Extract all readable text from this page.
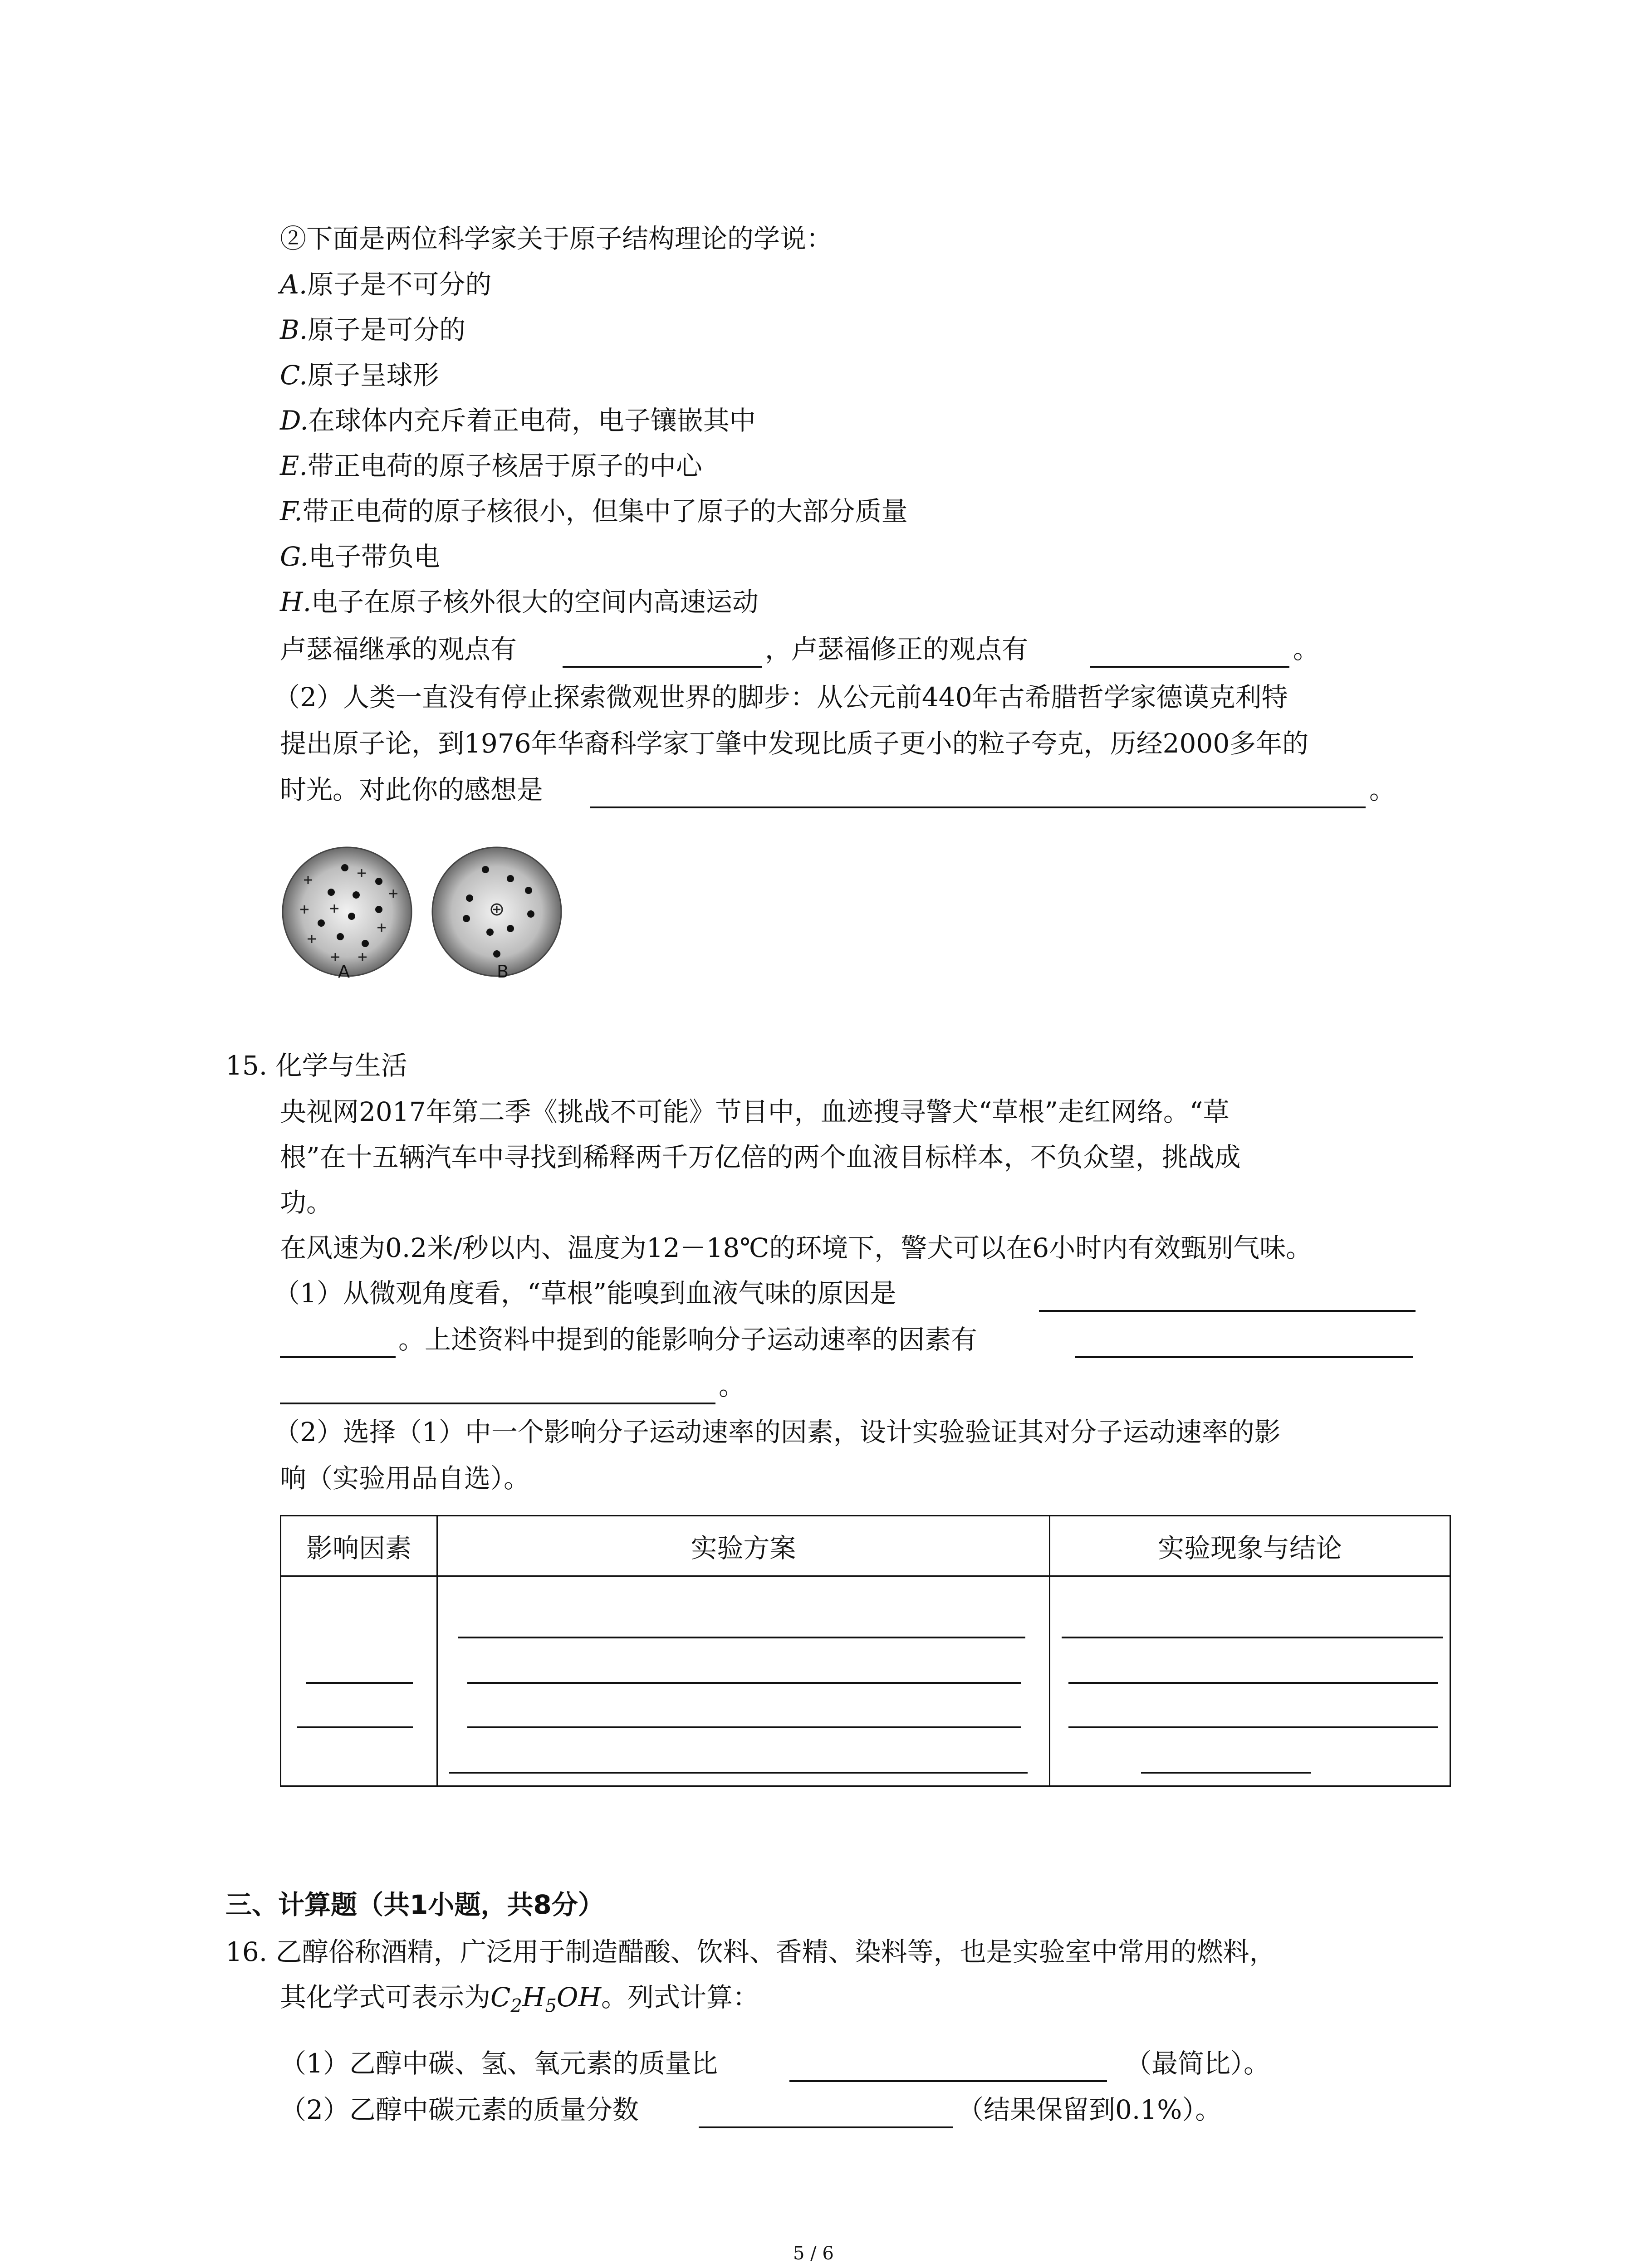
②下面是两位科学家关于原子结构理论的学说：
A.原子是不可分的
B.原子是可分的
C.原子呈球形
D.在球体内充斥着正电荷，电子镶嵌其中
E.带正电荷的原子核居于原子的中心
F.带正电荷的原子核很小，但集中了原子的大部分质量
G.电子带负电
H.电子在原子核外很大的空间内高速运动
卢瑟福继承的观点有	，卢瑟福修正的观点有	。
（2）人类一直没有停止探索微观世界的脚步：从公元前440年古希腊哲学家德谟克利特
提出原子论，到1976年华裔科学家丁肇中发现比质子更小的粒子夸克，历经2000多年的
时光。对此你的感想是	。
A	B
15. 化学与生活
央视网2017年第二季《挑战不可能》节目中，血迹搜寻警犬“草根”走红网络。“草
根”在十五辆汽车中寻找到稀释两千万亿倍的两个血液目标样本，不负众望，挑战成
功。
在风速为0.2米/秒以内、温度为12－18℃的环境下，警犬可以在6小时内有效甄别气味。
（1）从微观角度看，“草根”能嗅到血液气味的原因是
。上述资料中提到的能影响分子运动速率的因素有
。
（2）选择（1）中一个影响分子运动速率的因素，设计实验验证其对分子运动速率的影
响（实验用品自选）。
影响因素	实验方案	实验现象与结论

三、计算题（共1小题，共8分）
16. 乙醇俗称酒精，广泛用于制造醋酸、饮料、香精、染料等，也是实验室中常用的燃料，
其化学式可表示为$C_2H_5OH$。列式计算：
（1）乙醇中碳、氢、氧元素的质量比	（最简比）。
（2）乙醇中碳元素的质量分数	（结果保留到0.1%）。
5 / 6
